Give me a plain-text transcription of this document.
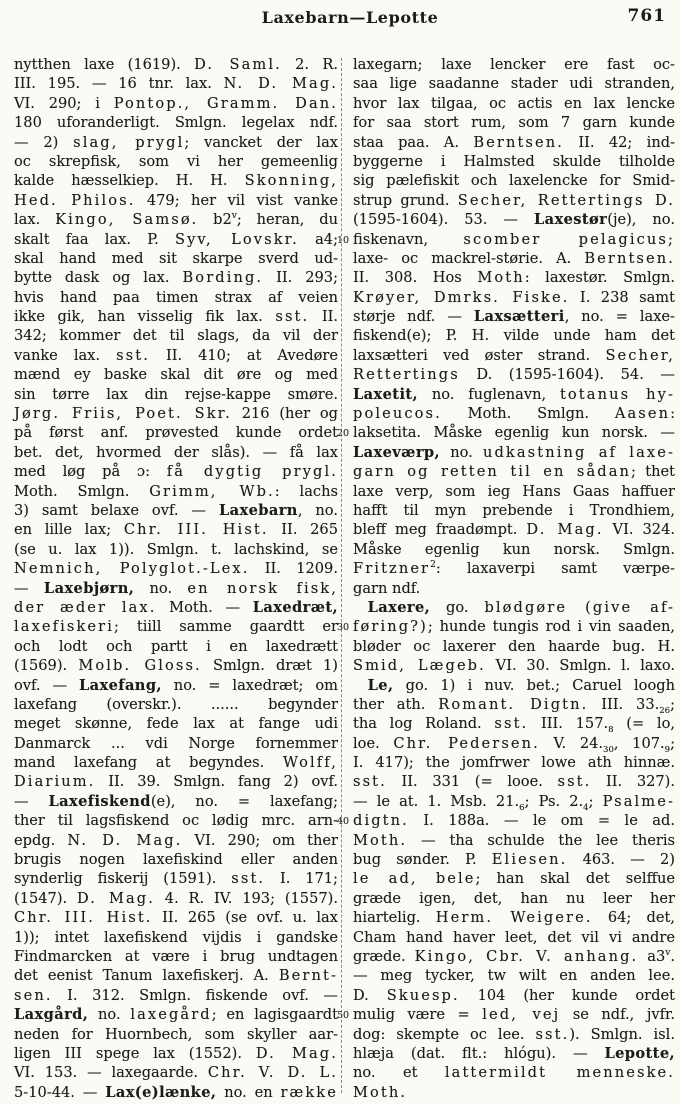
Laxebarn—Lepotte	761
nytthen laxe (1619). D. Saml. 2. R.
III. 195. — 16 tnr. lax. N. D. Mag.
VI. 290; i Pontop., Gramm. Dan.
180 uforanderligt. Smlgn. legelax ndf.
— 2) slag, prygl; vancket der lax
oc skrepfisk, som vi her gemeenlig
kalde hæsselkiep. H. H. Skonning,
Hed. Philos. 479; her vil vist vanke
lax. Kingo, Samsø. b2$^v$; heran, du
skalt faa lax. P. Syv, Lovskr. a4;
skal hand med sit skarpe sverd ud-
bytte dask og lax. Bording. II. 293;
hvis hand paa timen strax af veien
ikke gik, han visselig fik lax. sst. II.
342; kommer det til slags, da vil der
vanke lax. sst. II. 410; at Avedøre
mænd ey baske skal dit øre og med
sin tørre lax din rejse-kappe smøre.
Jørg. Friis, Poet. Skr. 216 (her og
på først anf. prøvested kunde ordet
bet. det, hvormed der slås). — få lax
med løg på ɔ: få dygtig prygl.
Moth. Smlgn. Grimm, Wb.: lachs
3) samt belaxe ovf. — Laxebarn, no.
en lille lax; Chr. III. Hist. II. 265
(se u. lax 1)). Smlgn. t. lachskind, se
Nemnich, Polyglot.-Lex. II. 1209.
— Laxebjørn, no. en norsk fisk,
der æder lax. Moth. — Laxedræt,
laxefiskeri; tiill samme gaardtt er
och lodt och partt i en laxedrætt
(1569). Molb. Gloss. Smlgn. dræt 1)
ovf. — Laxefang, no. = laxedræt; om
laxefang (overskr.). ...... begynder
meget skønne, fede lax at fange udi
Danmarck ... vdi Norge fornemmer
mand laxefang at begyndes. Wolff,
Diarium. II. 39. Smlgn. fang 2) ovf.
— Laxefiskend(e), no. = laxefang;
ther til lagsfiskend oc lødig mrc. arn-
epdg. N. D. Mag. VI. 290; om ther
brugis nogen laxefiskind eller anden
synderlig fiskerij (1591). sst. I. 171;
(1547). D. Mag. 4. R. IV. 193; (1557).
Chr. III. Hist. II. 265 (se ovf. u. lax
1)); intet laxefiskend vijdis i gandske
Findmarcken at være i brug undtagen
det eenist Tanum laxefiskerj. A. Bernt-
sen. I. 312. Smlgn. fiskende ovf. —
Laxgård, no. laxegård; en lagisgaardt
neden for Huornbech, som skyller aar-
ligen III spege lax (1552). D. Mag.
VI. 153. — laxegaarde. Chr. V. D. L.
5-10-44. — Lax(e)lænke, no. en række
laxegarn; laxe lencker ere fast oc-
saa lige saadanne stader udi stranden,
hvor lax tilgaa, oc actis en lax lencke
for saa stort rum, som 7 garn kunde
staa paa. A. Berntsen. II. 42; ind-
byggerne i Halmsted skulde tilholde
sig pælefiskit och laxelencke for Smid-
strup grund. Secher, Rettertings D.
(1595-1604). 53. — Laxestør(je), no.
10 fiskenavn, scomber pelagicus;
laxe- oc mackrel-størie. A. Berntsen.
II. 308. Hos Moth: laxestør. Smlgn.
Krøyer, Dmrks. Fiske. I. 238 samt
størje ndf. — Laxsætteri, no. = laxe-
fiskend(e); P. H. vilde unde ham det
laxsætteri ved øster strand. Secher,
Rettertings D. (1595-1604). 54. —
Laxetit, no. fuglenavn, totanus hy-
poleucos. Moth. Smlgn. Aasen:
20 laksetita. Måske egenlig kun norsk. —
Laxeværp, no. udkastning af laxe-
garn og retten til en sådan; thet
laxe verp, som ieg Hans Gaas haffuer
hafft til myn prebende i Trondhiem,
bleff meg fraadømpt. D. Mag. VI. 324.
Måske egenlig kun norsk. Smlgn.
Fritzner$^2$: laxaverpi samt værpe-
garn ndf.
 Laxere, go. blødgøre (give af-
30 føring?); hunde tungis rod i vin saaden,
bløder oc laxerer den haarde bug. H.
Smid, Lægeb. VI. 30. Smlgn. l. laxo.
 Le, go. 1) i nuv. bet.; Caruel loogh
ther ath. Romant. Digtn. III. $33._{26}$;
tha log Roland. sst. III. $157._8$ (= lo,
loe. Chr. Pedersen. V. $24._{30}$, $107._9$;
I. 417); the jomfrwer lowe ath hinnæ.
sst. II. 331 (= looe. sst. II. 327).
— le at. 1. Msb. $21._6$; Ps. $2._4$; Psalme-
40 digtn. I. 188a. — le om = le ad.
Moth. — tha schulde the lee theris
bug sønder. P. Eliesen. 463. — 2)
le ad, bele; han skal det selffue
græde igen, det, han nu leer her
hiartelig. Herm. Weigere. 64; det,
Cham hand haver leet, det vil vi andre
græde. Kingo, Cbr. V. anhang. a3$^v$.
— meg tycker, tw wilt en anden lee.
D. Skuesp. 104 (her kunde ordet
50 mulig være = led, vej se ndf., jvfr.
dog: skempte oc lee. sst.). Smlgn. isl.
hlæja (dat. flt.: hlógu). — Lepotte,
no. et lattermildt menneske.
Moth.
